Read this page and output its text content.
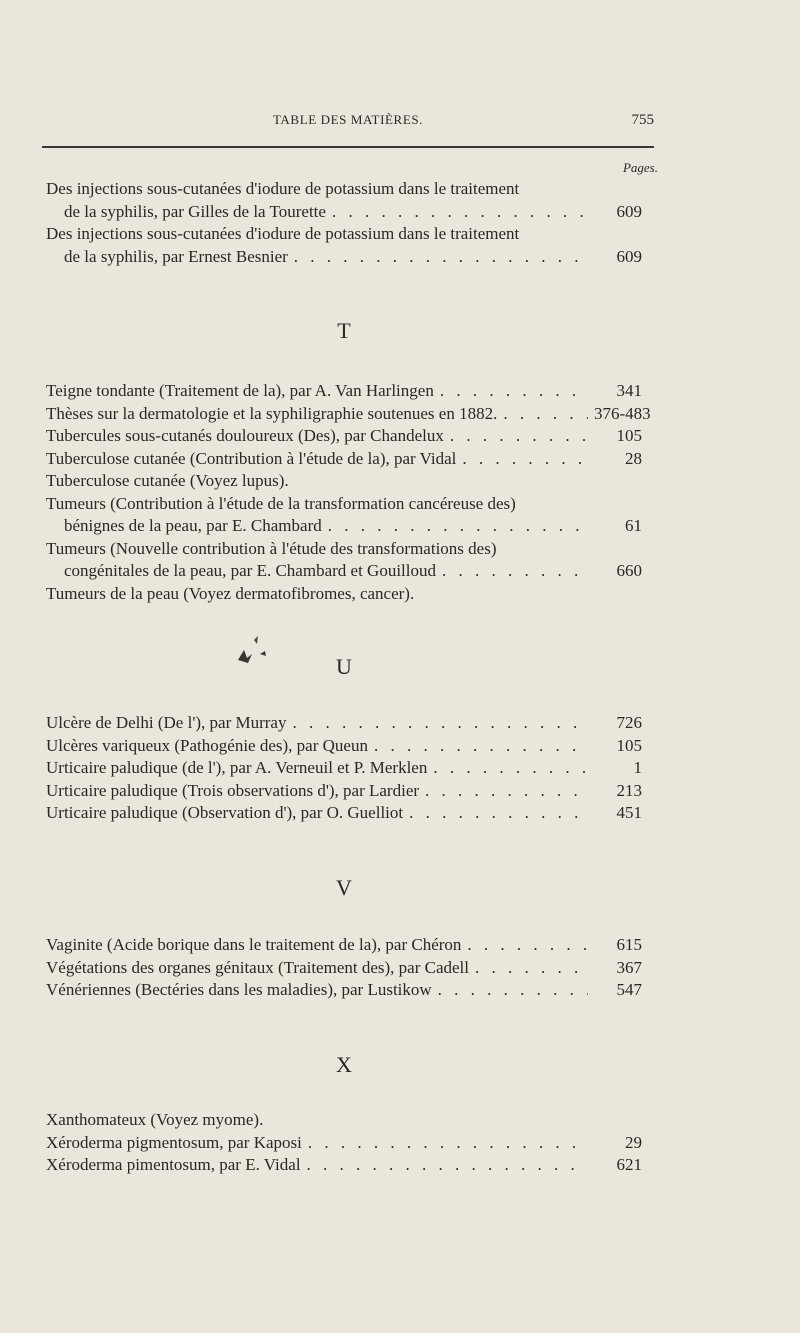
TABLE DES MATIÈRES.	755
Pages.
Des injections sous-cutanées d'iodure de potassium dans le traitement
de la syphilis, par Gilles de la Tourette . . .	609
Des injections sous-cutanées d'iodure de potassium dans le traitement
de la syphilis, par Ernest Besnier . . .	609
T
Teigne tondante (Traitement de la), par A. Van Harlingen . . .	341
Thèses sur la dermatologie et la syphiligraphie soutenues en 1882. . . .	376-483
Tubercules sous-cutanés douloureux (Des), par Chandelux . . .	105
Tuberculose cutanée (Contribution à l'étude de la), par Vidal . . .	28
Tuberculose cutanée (Voyez lupus).
Tumeurs (Contribution à l'étude de la transformation cancéreuse des)
bénignes de la peau, par E. Chambard . . .	61
Tumeurs (Nouvelle contribution à l'étude des transformations des)
congénitales de la peau, par E. Chambard et Gouilloud . . .	660
Tumeurs de la peau (Voyez dermatofibromes, cancer).
U
Ulcère de Delhi (De l'), par Murray . . .	726
Ulcères variqueux (Pathogénie des), par Queun . . .	105
Urticaire paludique (de l'), par A. Verneuil et P. Merklen . . .	1
Urticaire paludique (Trois observations d'), par Lardier . . .	213
Urticaire paludique (Observation d'), par O. Guelliot . . .	451
V
Vaginite (Acide borique dans le traitement de la), par Chéron . . .	615
Végétations des organes génitaux (Traitement des), par Cadell . . .	367
Vénériennes (Bectéries dans les maladies), par Lustikow . . .	547
X
Xanthomateux (Voyez myome).
Xéroderma pigmentosum, par Kaposi . . .	29
Xéroderma pimentosum, par E. Vidal . . .	621
